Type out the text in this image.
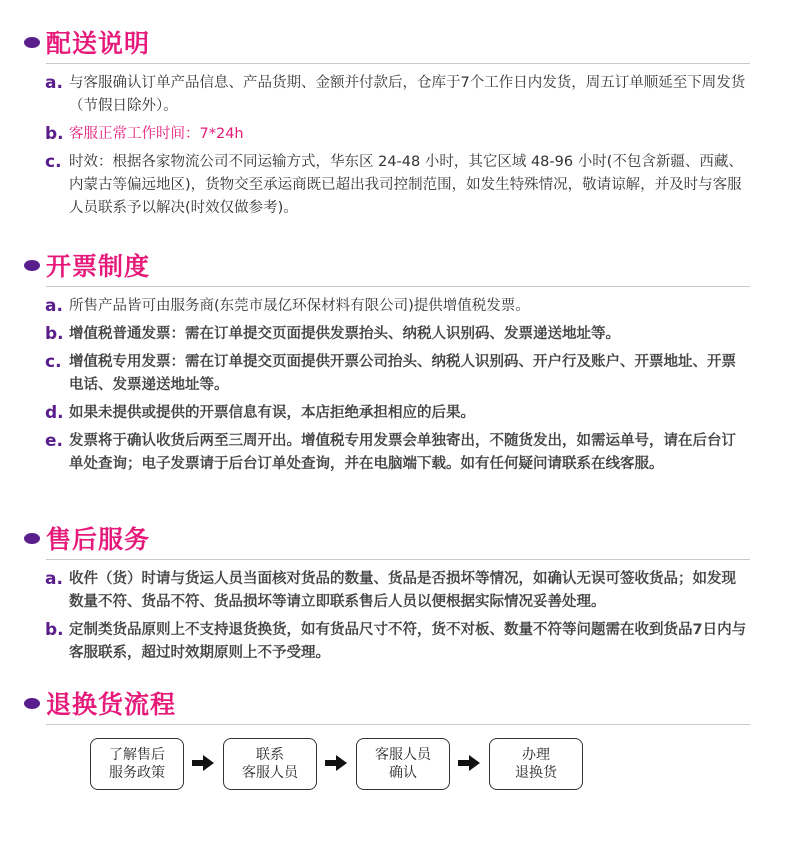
配送说明
a. 与客服确认订单产品信息、产品货期、金额并付款后，仓库于7个工作日内发货，周五订单顺延至下周发货（节假日除外）。
b. 客服正常工作时间：7*24h
c. 时效：根据各家物流公司不同运输方式，华东区 24-48 小时，其它区域 48-96 小时(不包含新疆、西藏、内蒙古等偏远地区)，货物交至承运商既已超出我司控制范围，如发生特殊情况，敬请谅解，并及时与客服人员联系予以解决(时效仅做参考)。
开票制度
a. 所售产品皆可由服务商(东莞市晟亿环保材料有限公司)提供增值税发票。
b. 增值税普通发票：需在订单提交页面提供发票抬头、纳税人识别码、发票递送地址等。
c. 增值税专用发票：需在订单提交页面提供开票公司抬头、纳税人识别码、开户行及账户、开票地址、开票电话、发票递送地址等。
d. 如果未提供或提供的开票信息有误，本店拒绝承担相应的后果。
e. 发票将于确认收货后两至三周开出。增值税专用发票会单独寄出，不随货发出，如需运单号，请在后台订单处查询；电子发票请于后台订单处查询，并在电脑端下载。如有任何疑问请联系在线客服。
售后服务
a. 收件（货）时请与货运人员当面核对货品的数量、货品是否损坏等情况，如确认无误可签收货品；如发现数量不符、货品不符、货品损坏等请立即联系售后人员以便根据实际情况妥善处理。
b. 定制类货品原则上不支持退货换货，如有货品尺寸不符，货不对板、数量不符等问题需在收到货品7日内与客服联系，超过时效期原则上不予受理。
退换货流程
了解售后
服务政策
联系
客服人员
客服人员
确认
办理
退换货
